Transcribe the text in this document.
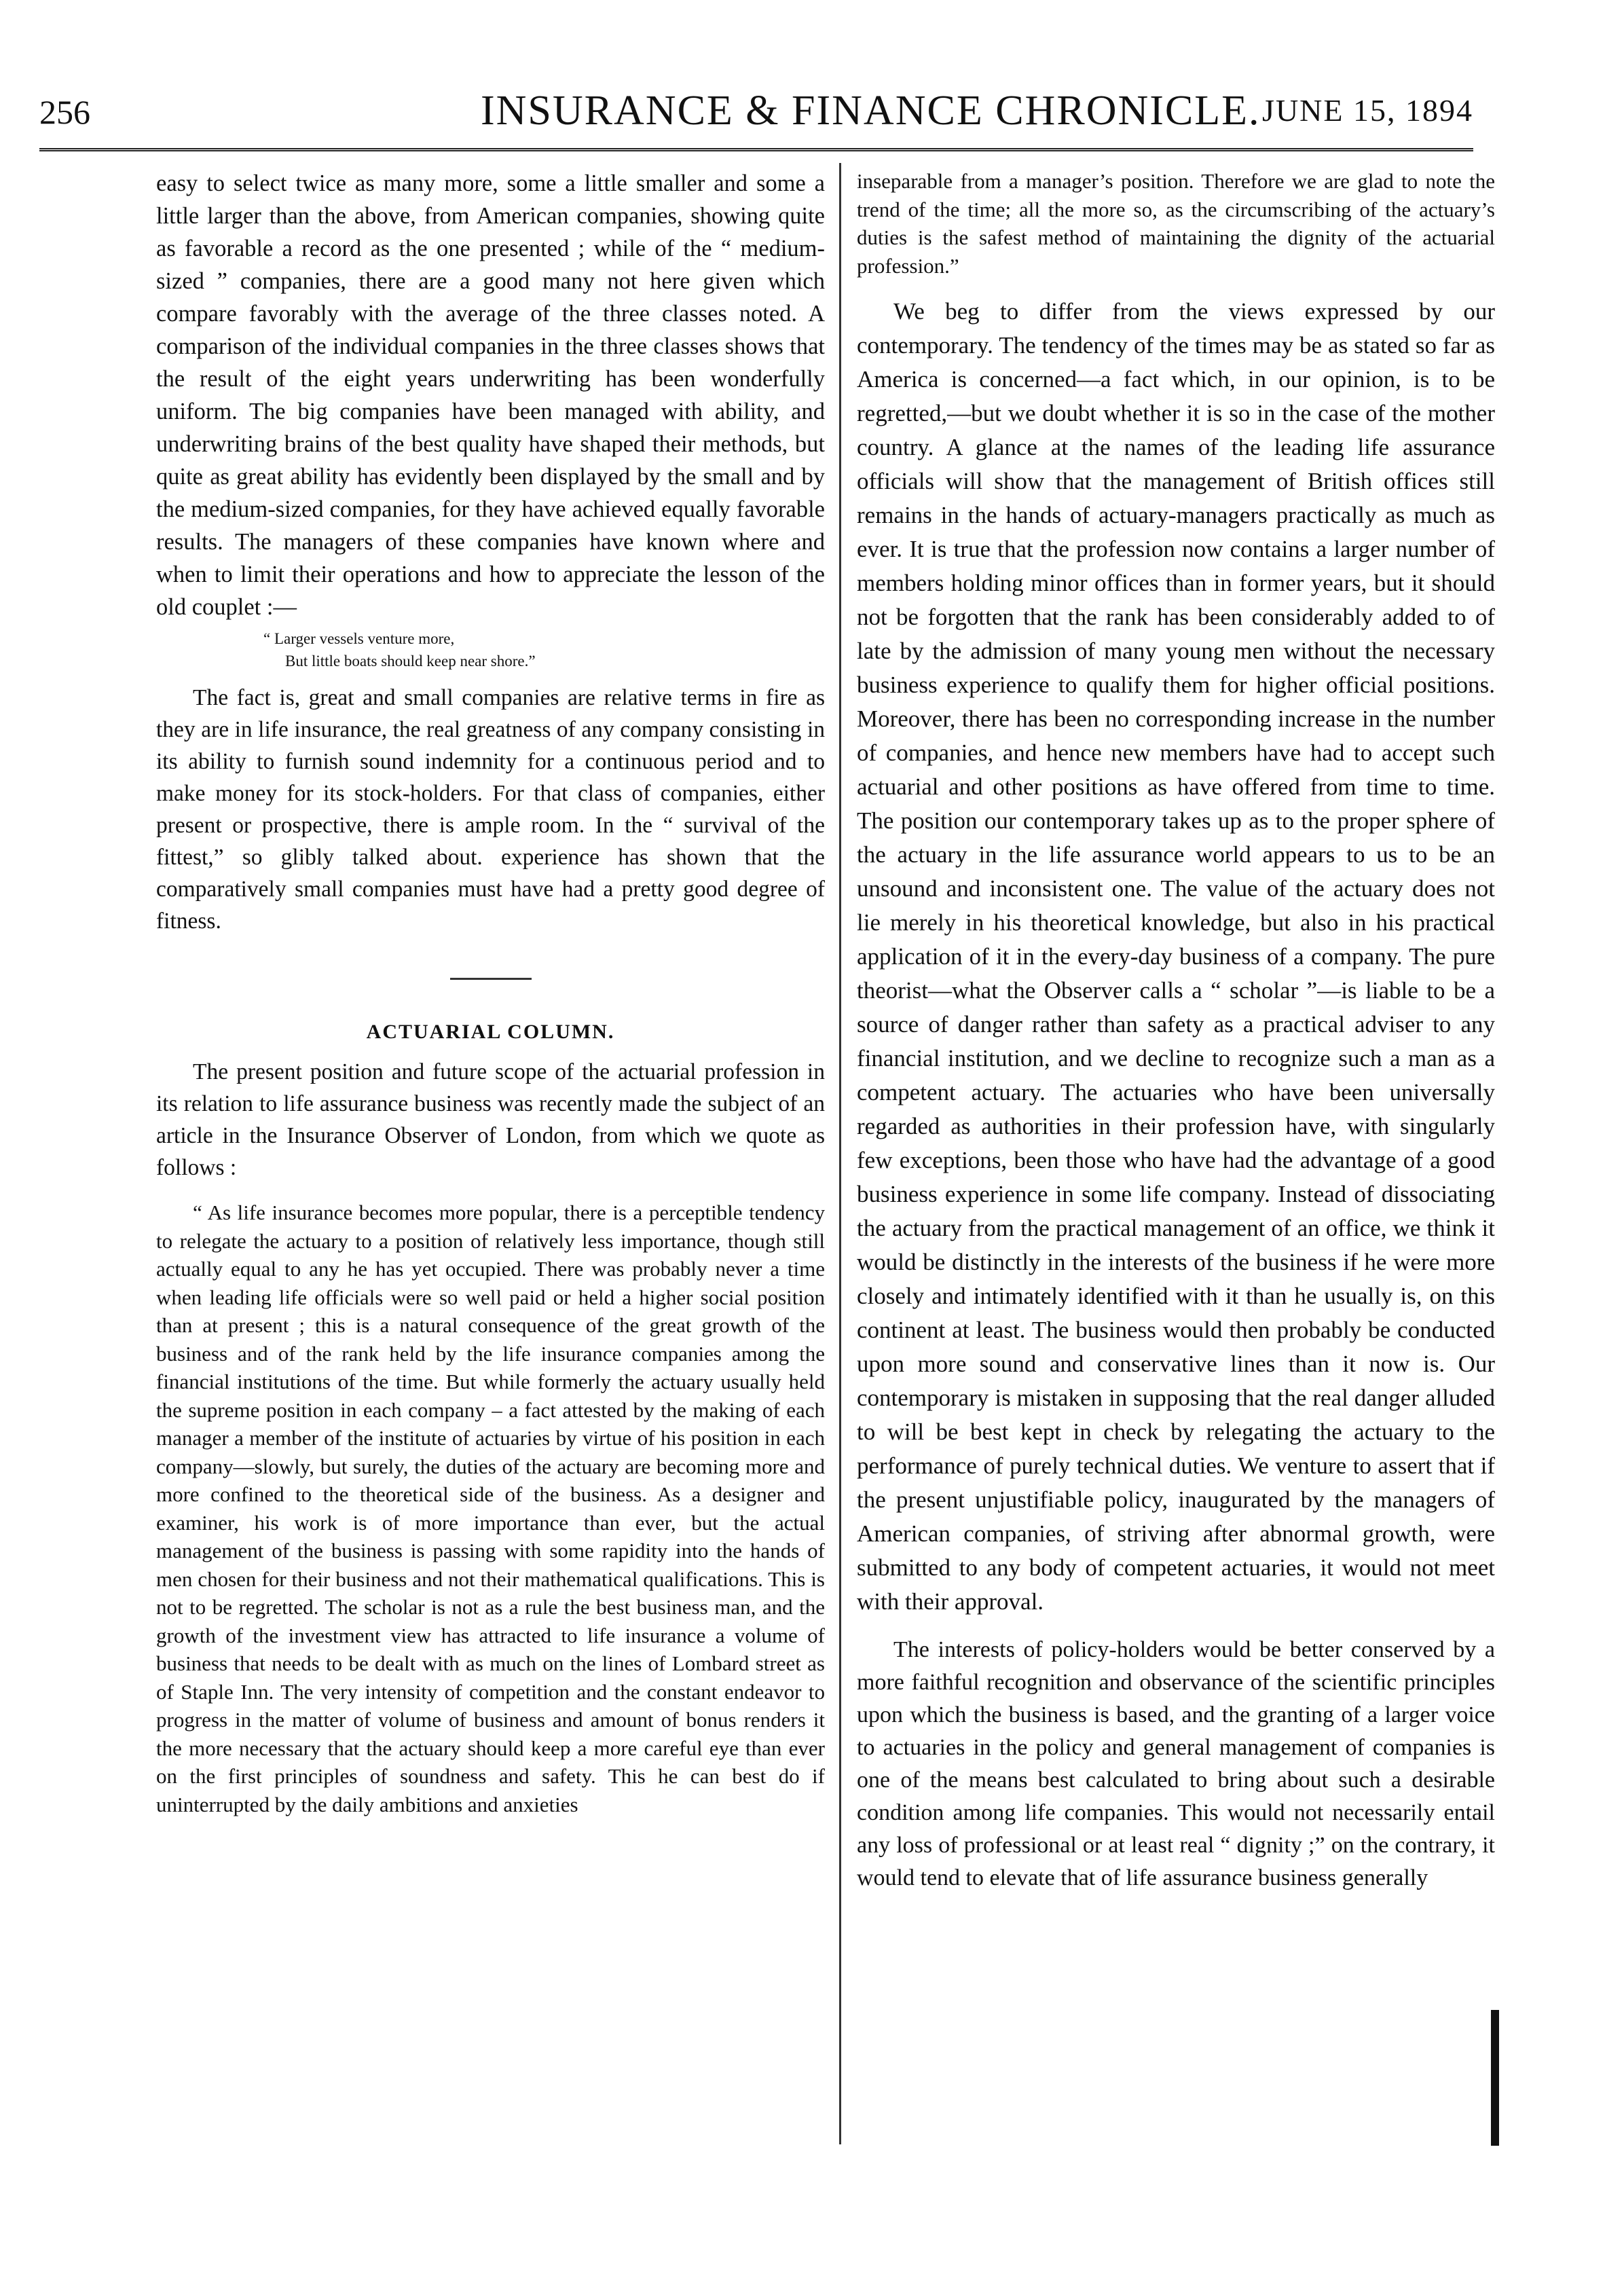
256	INSURANCE & FINANCE CHRONICLE. JUNE 15, 1894

easy to select twice as many more, some a little smaller and some a little larger than the above, from American companies, showing quite as favorable a record as the one presented ; while of the “ medium-sized ” companies, there are a good many not here given which compare favorably with the average of the three classes noted. A comparison of the individual companies in the three classes shows that the result of the eight years underwriting has been wonderfully uniform. The big companies have been managed with ability, and underwriting brains of the best quality have shaped their methods, but quite as great ability has evidently been displayed by the small and by the medium-sized companies, for they have achieved equally favorable results. The managers of these companies have known where and when to limit their operations and how to appreciate the lesson of the old couplet :—

“ Larger vessels venture more,
But little boats should keep near shore.”

The fact is, great and small companies are relative terms in fire as they are in life insurance, the real greatness of any company consisting in its ability to furnish sound indemnity for a continuous period and to make money for its stock-holders. For that class of companies, either present or prospective, there is ample room. In the “ survival of the fittest,” so glibly talked about. experience has shown that the comparatively small companies must have had a pretty good degree of fitness.

ACTUARIAL COLUMN.

The present position and future scope of the actuarial profession in its relation to life assurance business was recently made the subject of an article in the Insurance Observer of London, from which we quote as follows :

“ As life insurance becomes more popular, there is a perceptible tendency to relegate the actuary to a position of relatively less importance, though still actually equal to any he has yet occupied. There was probably never a time when leading life officials were so well paid or held a higher social position than at present ; this is a natural consequence of the great growth of the business and of the rank held by the life insurance companies among the financial institutions of the time. But while formerly the actuary usually held the supreme position in each company – a fact attested by the making of each manager a member of the institute of actuaries by virtue of his position in each company—slowly, but surely, the duties of the actuary are becoming more and more confined to the theoretical side of the business. As a designer and examiner, his work is of more importance than ever, but the actual management of the business is passing with some rapidity into the hands of men chosen for their business and not their mathematical qualifications. This is not to be regretted. The scholar is not as a rule the best business man, and the growth of the investment view has attracted to life insurance a volume of business that needs to be dealt with as much on the lines of Lombard street as of Staple Inn. The very intensity of competition and the constant endeavor to progress in the matter of volume of business and amount of bonus renders it the more necessary that the actuary should keep a more careful eye than ever on the first principles of soundness and safety. This he can best do if uninterrupted by the daily ambitions and anxieties

inseparable from a manager’s position. Therefore we are glad to note the trend of the time; all the more so, as the circumscribing of the actuary’s duties is the safest method of maintaining the dignity of the actuarial profession.”

We beg to differ from the views expressed by our contemporary. The tendency of the times may be as stated so far as America is concerned—a fact which, in our opinion, is to be regretted,—but we doubt whether it is so in the case of the mother country. A glance at the names of the leading life assurance officials will show that the management of British offices still remains in the hands of actuary-managers practically as much as ever. It is true that the profession now contains a larger number of members holding minor offices than in former years, but it should not be forgotten that the rank has been considerably added to of late by the admission of many young men without the necessary business experience to qualify them for higher official positions. Moreover, there has been no corresponding increase in the number of companies, and hence new members have had to accept such actuarial and other positions as have offered from time to time. The position our contemporary takes up as to the proper sphere of the actuary in the life assurance world appears to us to be an unsound and inconsistent one. The value of the actuary does not lie merely in his theoretical knowledge, but also in his practical application of it in the every-day business of a company. The pure theorist—what the Observer calls a “ scholar ”—is liable to be a source of danger rather than safety as a practical adviser to any financial institution, and we decline to recognize such a man as a competent actuary. The actuaries who have been universally regarded as authorities in their profession have, with singularly few exceptions, been those who have had the advantage of a good business experience in some life company. Instead of dissociating the actuary from the practical management of an office, we think it would be distinctly in the interests of the business if he were more closely and intimately identified with it than he usually is, on this continent at least. The business would then probably be conducted upon more sound and conservative lines than it now is. Our contemporary is mistaken in supposing that the real danger alluded to will be best kept in check by relegating the actuary to the performance of purely technical duties. We venture to assert that if the present unjustifiable policy, inaugurated by the managers of American companies, of striving after abnormal growth, were submitted to any body of competent actuaries, it would not meet with their approval.

The interests of policy-holders would be better conserved by a more faithful recognition and observance of the scientific principles upon which the business is based, and the granting of a larger voice to actuaries in the policy and general management of companies is one of the means best calculated to bring about such a desirable condition among life companies. This would not necessarily entail any loss of professional or at least real “ dignity ;” on the contrary, it would tend to elevate that of life assurance business generally
